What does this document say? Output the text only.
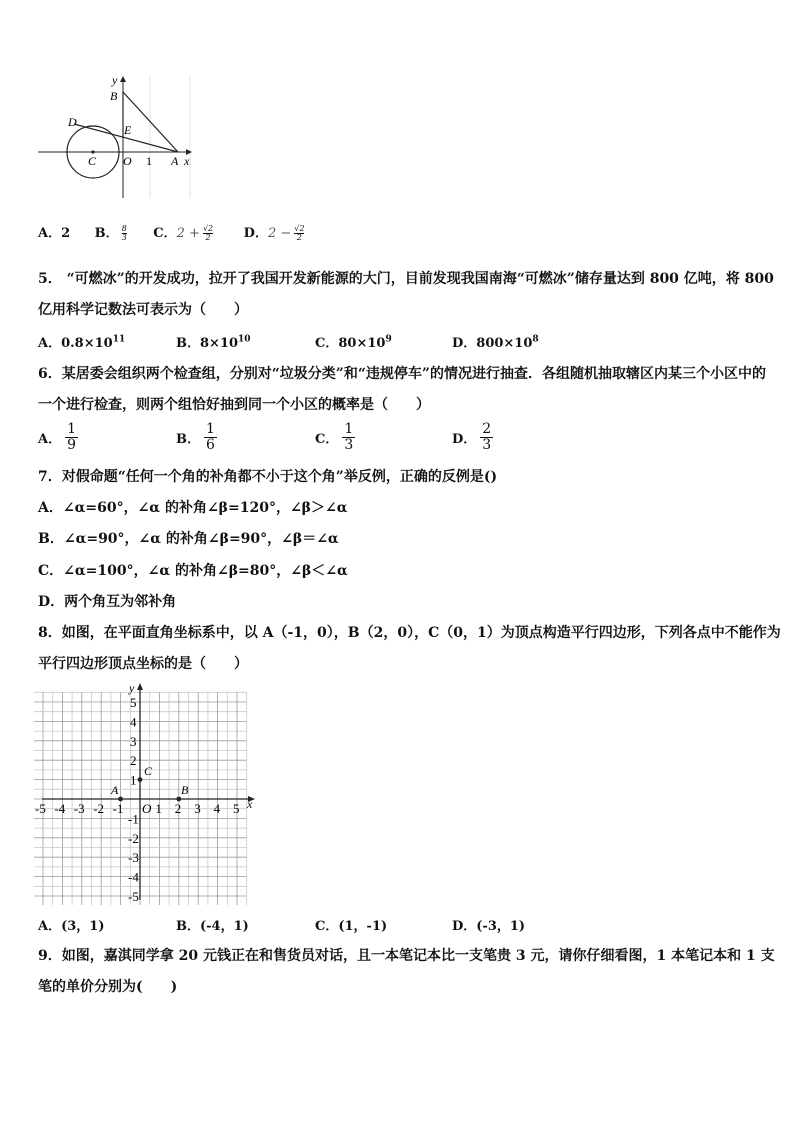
y
B
D
E
C O 1 A x
A．2 B． $\frac{8}{3}$ C．$2 + \frac{√2}{2}$ D．$2 - \frac{√2}{2}$
5． “可燃冰”的开发成功，拉开了我国开发新能源的大门，目前发现我国南海“可燃冰”储存量达到 800 亿吨，将 800
亿用科学记数法可表示为（　　）
A．$0.8\times 10^{11}$	B．$8\times 10^{10}$	C．$80\times 10^9$	D．$800\times 10^8$
6．某居委会组织两个检查组，分别对“垃圾分类”和“违规停车”的情况进行抽查．各组随机抽取辖区内某三个小区中的
一个进行检查，则两个组恰好抽到同一个小区的概率是（　　）
A． $\frac{1}{9}$	B． $\frac{1}{6}$	C． $\frac{1}{3}$	D． $\frac{2}{3}$
7．对假命题“任何一个角的补角都不小于这个角”举反例，正确的反例是()
A．∠α=60°，∠α 的补角∠β=120°，∠β＞∠α
B．∠α=90°，∠α 的补角∠β=90°，∠β＝∠α
C．∠α=100°，∠α 的补角∠β=80°，∠β＜∠α
D．两个角互为邻补角
8．如图，在平面直角坐标系中，以 A（-1，0），B（2，0），C（0，1）为顶点构造平行四边形，下列各点中不能作为
平行四边形顶点坐标的是（　　）
x
y
-5 -4 -3 -2 -1 O 1 2 3 4 5
5
4
3
2
1
-1
-2
-3
-4
-5
A	B
C
A．(3，1)	B．(-4，1)	C．(1，-1)	D．(-3，1)
9．如图，嘉淇同学拿 20 元钱正在和售货员对话，且一本笔记本比一支笔贵 3 元，请你仔细看图，1 本笔记本和 1 支
笔的单价分别为(　　)
